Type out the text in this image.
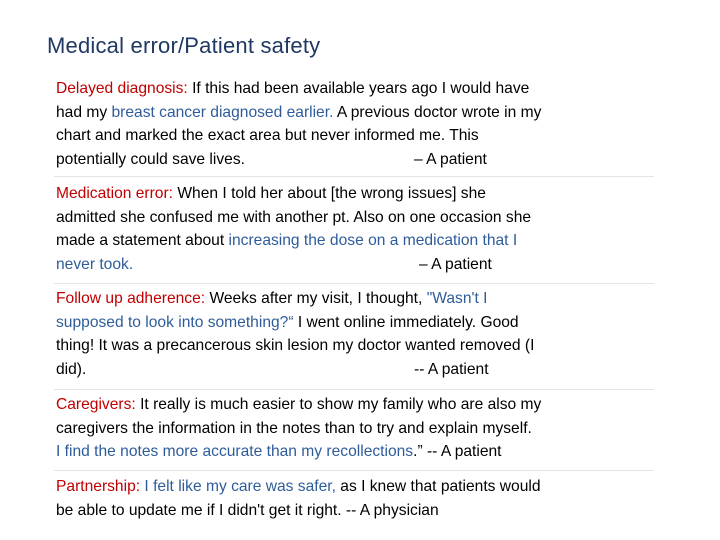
Medical error/Patient safety
Delayed diagnosis: If this had been available years ago I would have
had my breast cancer diagnosed earlier. A previous doctor wrote in my
chart and marked the exact area but never informed me. This
potentially could save lives.	– A patient
Medication error: When I told her about [the wrong issues] she
admitted she confused me with another pt. Also on one occasion she
made a statement about increasing the dose on a medication that I
never took.	– A patient
Follow up adherence: Weeks after my visit, I thought, "Wasn't I
supposed to look into something?“ I went online immediately. Good
thing! It was a precancerous skin lesion my doctor wanted removed (I
did).	-- A patient
Caregivers: It really is much easier to show my family who are also my
caregivers the information in the notes than to try and explain myself.
I find the notes more accurate than my recollections.” -- A patient
Partnership: I felt like my care was safer, as I knew that patients would
be able to update me if I didn't get it right. -- A physician
